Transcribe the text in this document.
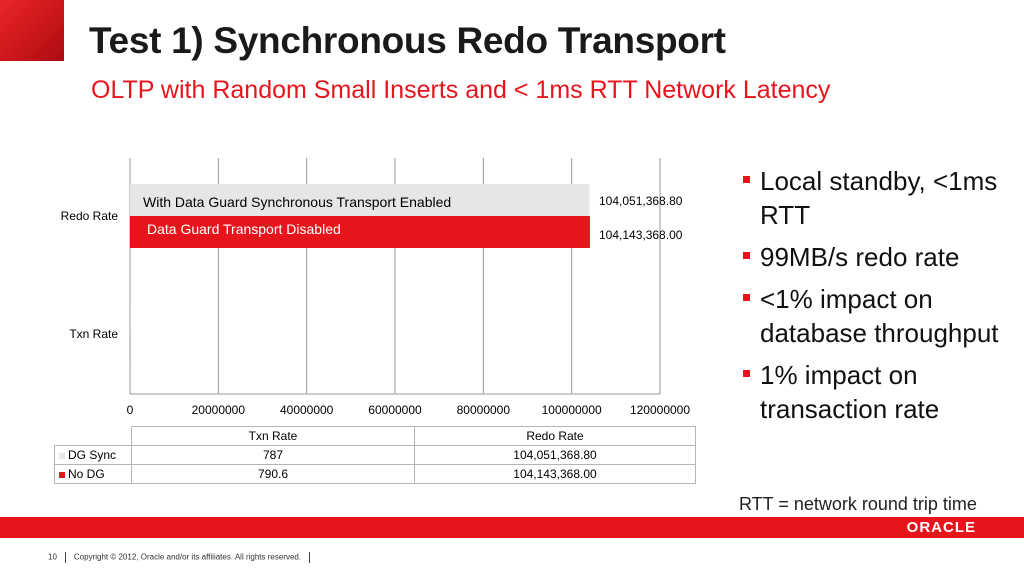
Test 1) Synchronous Redo Transport
OLTP with Random Small Inserts and < 1ms RTT Network Latency
0	20000000	40000000	60000000	80000000	100000000 120000000
Txn Rate
Redo Rate
With Data Guard Synchronous Transport Enabled	104,051,368.80
Data Guard Transport Disabled	104,143,368.00
	Txn Rate	Redo Rate
DG Sync	787	104,051,368.80
No DG	790.6	104,143,368.00
Local standby, <1ms RTT
99MB/s redo rate
<1% impact on database throughput
1% impact on transaction rate
RTT = network round trip time
ORACLE
10 Copyright © 2012, Oracle and/or its affiliates. All rights reserved.
